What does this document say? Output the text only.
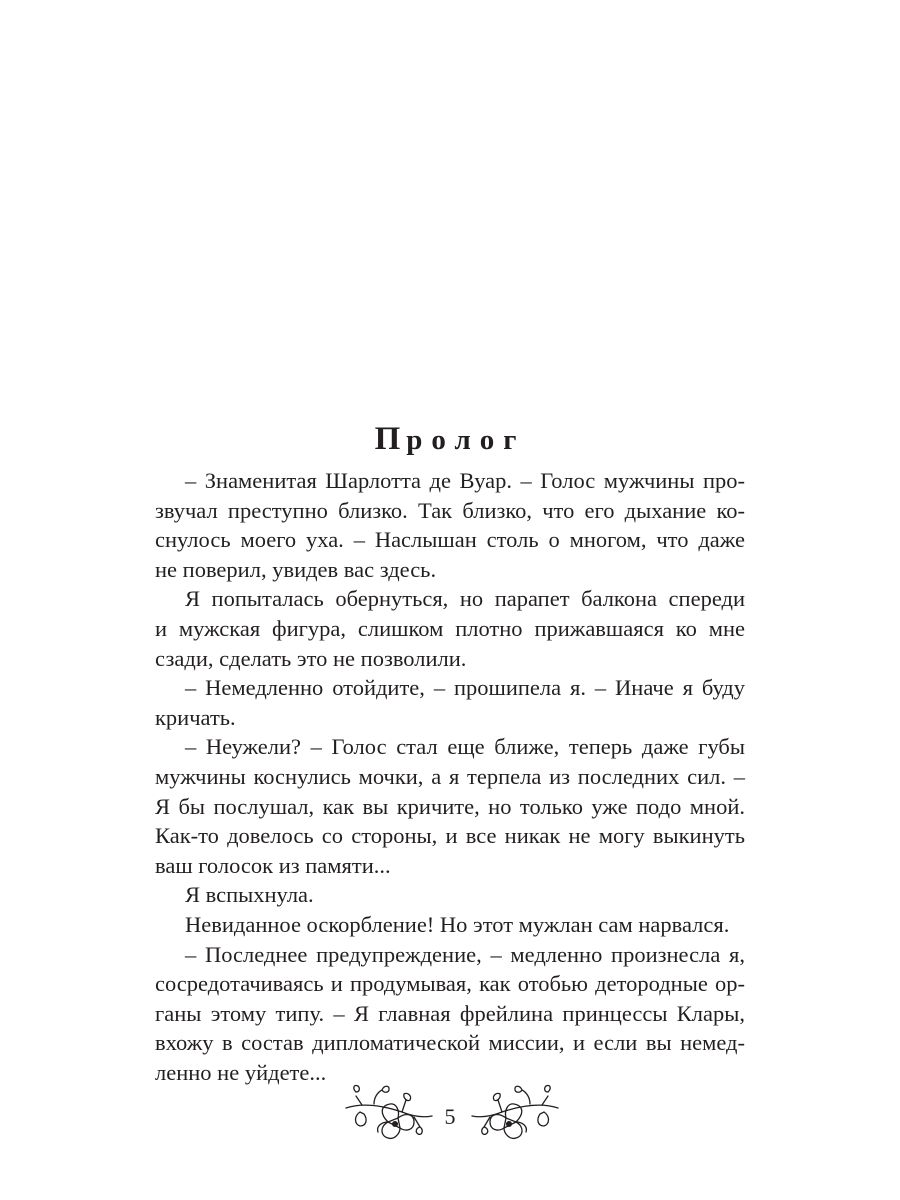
Пролог

– Знаменитая Шарлотта де Вуар. – Голос мужчины про-
звучал преступно близко. Так близко, что его дыхание ко-
снулось моего уха. – Наслышан столь о многом, что даже
не поверил, увидев вас здесь.

Я попыталась обернуться, но парапет балкона спереди
и мужская фигура, слишком плотно прижавшаяся ко мне
сзади, сделать это не позволили.

– Немедленно отойдите, – прошипела я. – Иначе я буду
кричать.

– Неужели? – Голос стал еще ближе, теперь даже губы
мужчины коснулись мочки, а я терпела из последних сил. –
Я бы послушал, как вы кричите, но только уже подо мной.
Как-то довелось со стороны, и все никак не могу выкинуть
ваш голосок из памяти...

Я вспыхнула.

Невиданное оскорбление! Но этот мужлан сам нарвался.

– Последнее предупреждение, – медленно произнесла я,
сосредотачиваясь и продумывая, как отобью детородные ор-
ганы этому типу. – Я главная фрейлина принцессы Клары,
вхожу в состав дипломатической миссии, и если вы немед-
ленно не уйдете...

5
